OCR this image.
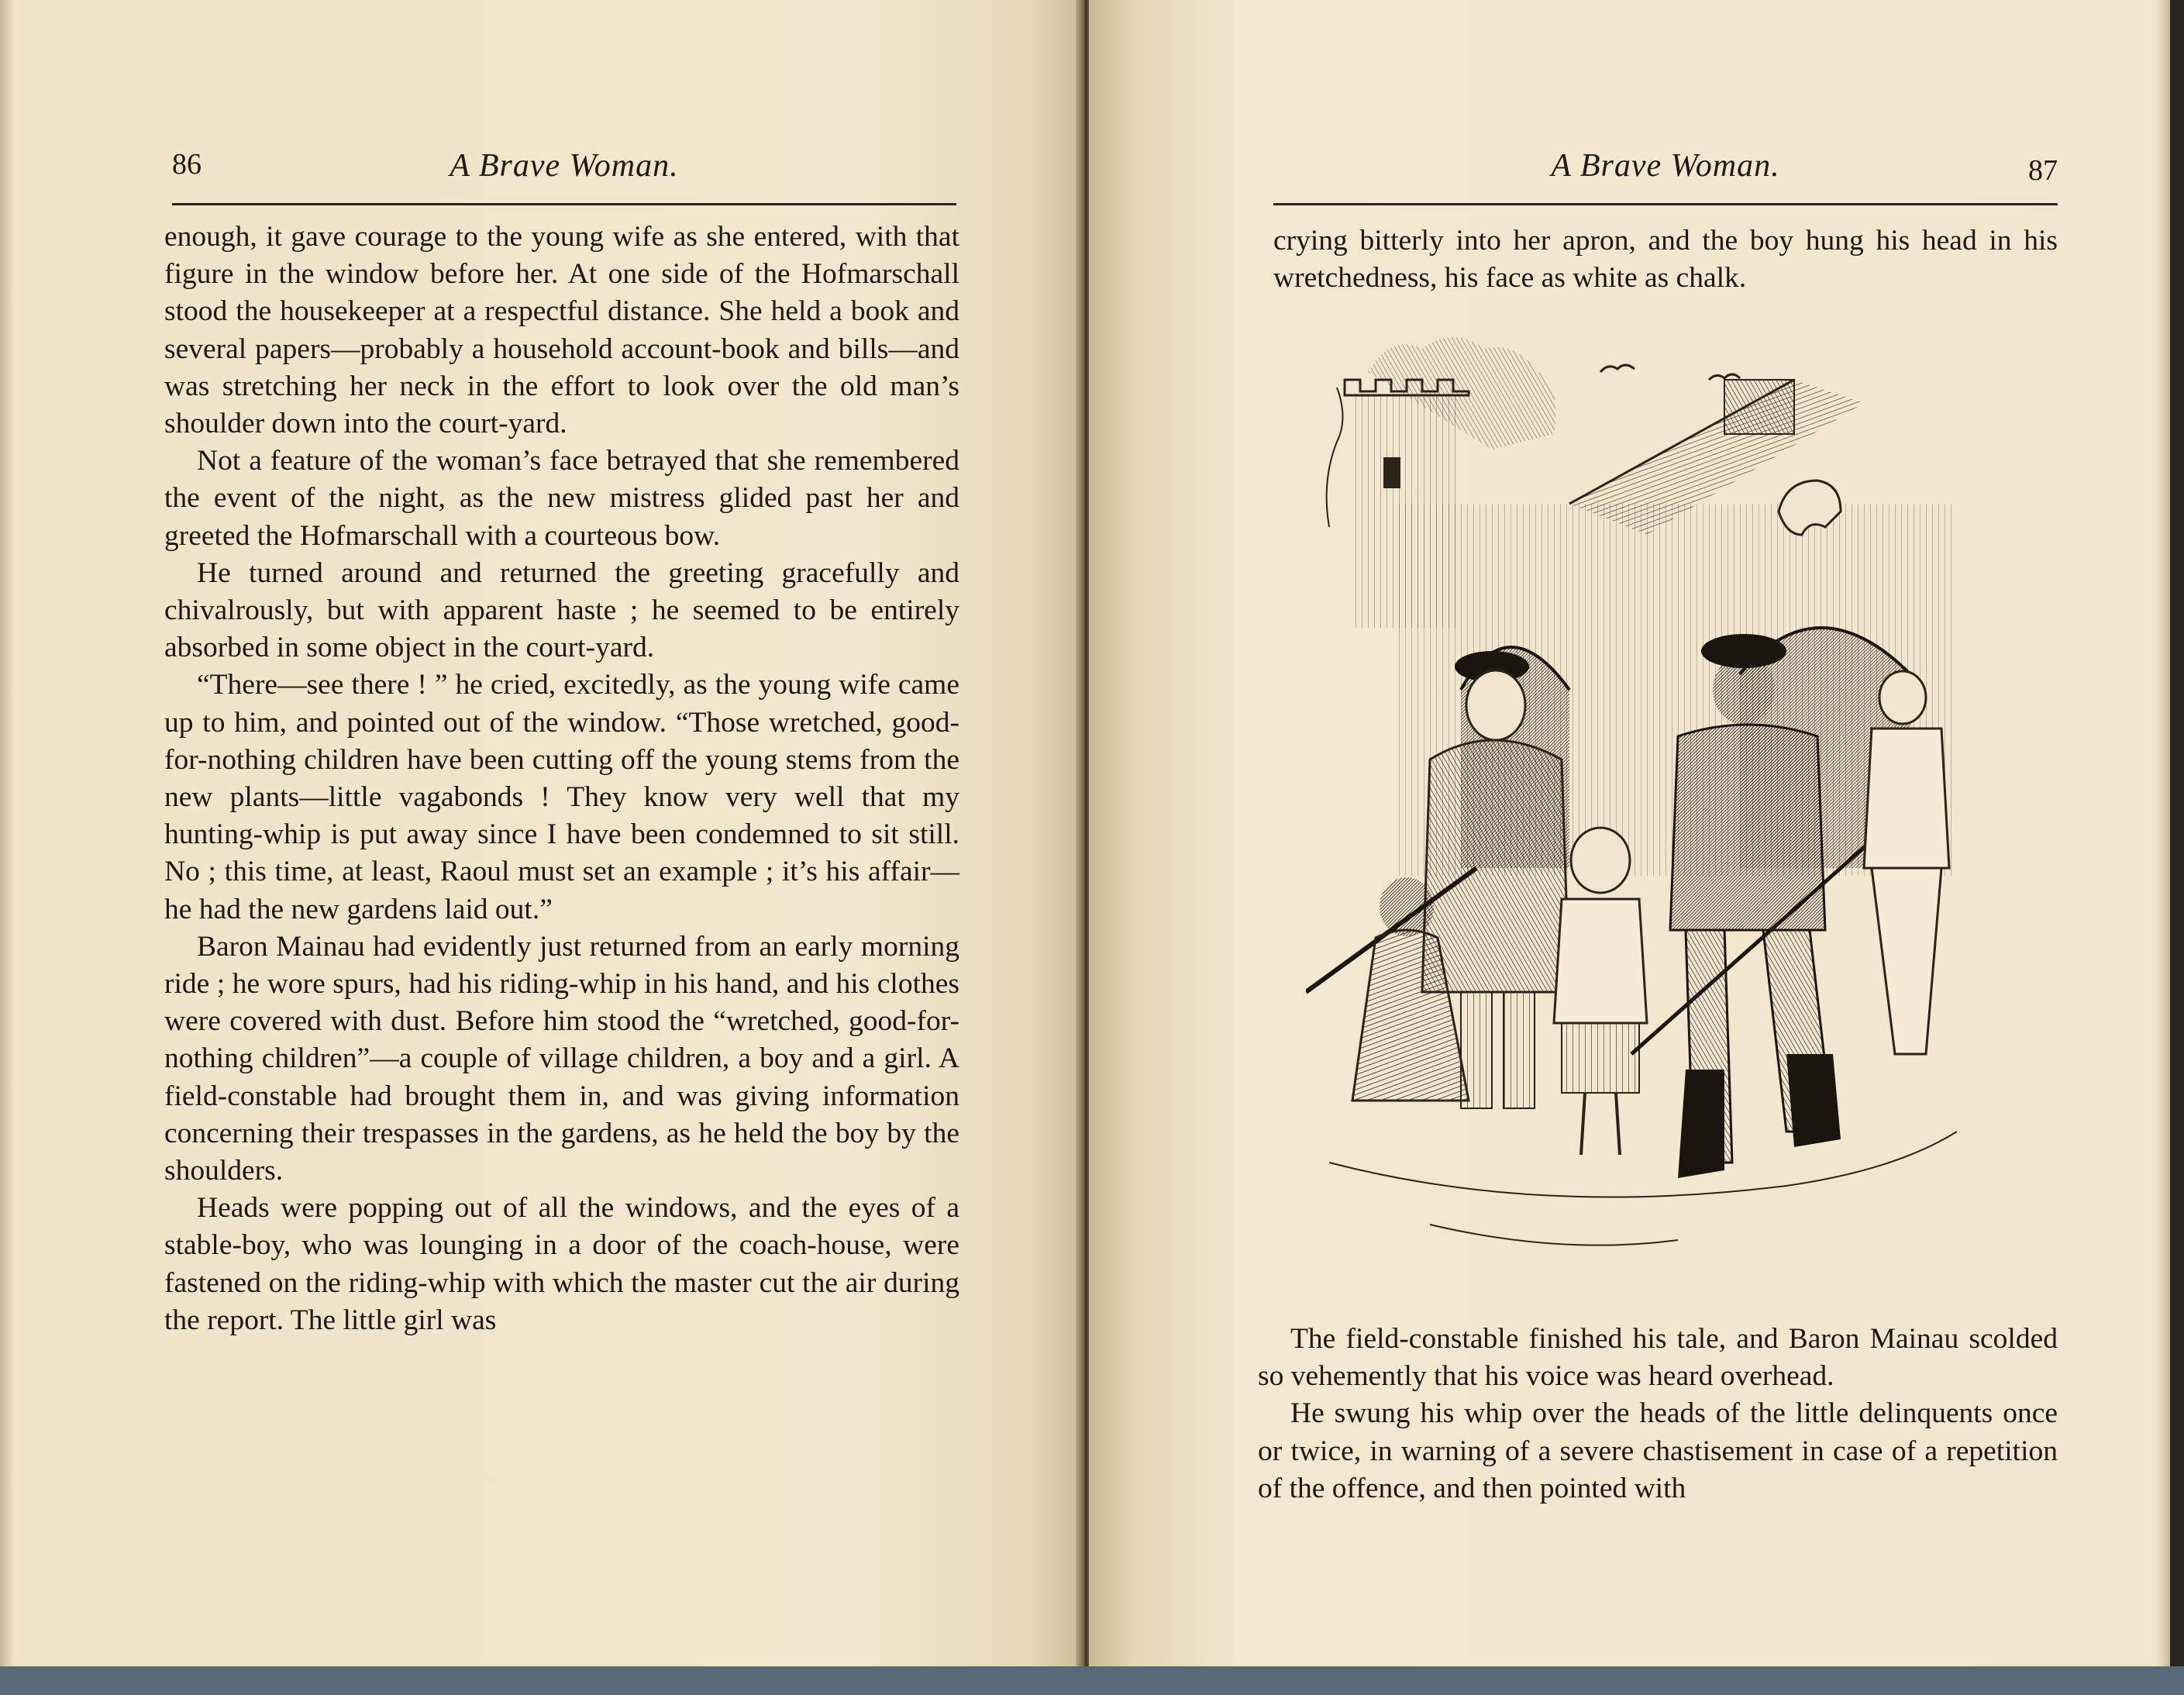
86	A Brave Woman.

enough, it gave courage to the young wife as she entered, with that figure in the window before her. At one side of the Hofmarschall stood the housekeeper at a respectful distance. She held a book and several papers—probably a household account-book and bills—and was stretching her neck in the effort to look over the old man’s shoulder down into the court-yard.

Not a feature of the woman’s face betrayed that she remembered the event of the night, as the new mistress glided past her and greeted the Hofmarschall with a courteous bow.

He turned around and returned the greeting gracefully and chivalrously, but with apparent haste ; he seemed to be entirely absorbed in some object in the court-yard.

“There—see there ! ” he cried, excitedly, as the young wife came up to him, and pointed out of the window. “Those wretched, good-for-nothing children have been cutting off the young stems from the new plants—little vagabonds ! They know very well that my hunting-whip is put away since I have been condemned to sit still. No ; this time, at least, Raoul must set an example ; it’s his affair—he had the new gardens laid out.”

Baron Mainau had evidently just returned from an early morning ride ; he wore spurs, had his riding-whip in his hand, and his clothes were covered with dust. Before him stood the “wretched, good-for-nothing children”—a couple of village children, a boy and a girl. A field-constable had brought them in, and was giving information concerning their trespasses in the gardens, as he held the boy by the shoulders.

Heads were popping out of all the windows, and the eyes of a stable-boy, who was lounging in a door of the coach-house, were fastened on the riding-whip with which the master cut the air during the report. The little girl was

A Brave Woman.	87

crying bitterly into her apron, and the boy hung his head in his wretchedness, his face as white as chalk.

The field-constable finished his tale, and Baron Mainau scolded so vehemently that his voice was heard overhead.

He swung his whip over the heads of the little delinquents once or twice, in warning of a severe chastisement in case of a repetition of the offence, and then pointed with
